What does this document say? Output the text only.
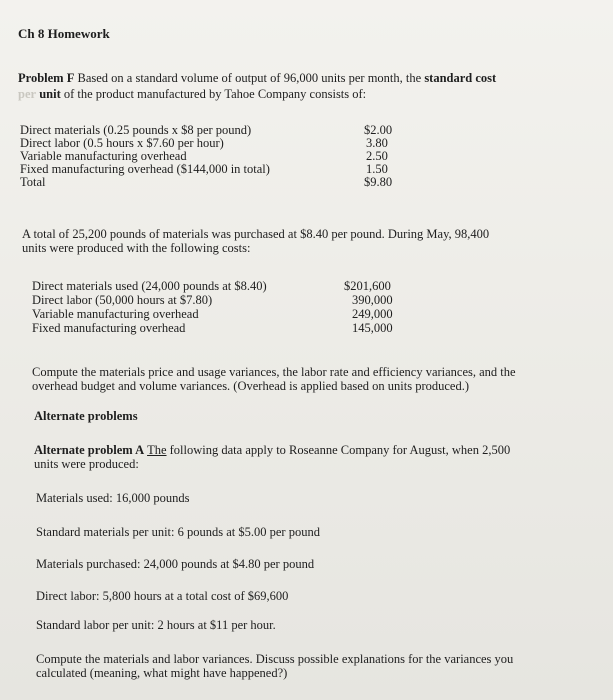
Ch 8 Homework
Problem F Based on a standard volume of output of 96,000 units per month, the standard cost
per unit of the product manufactured by Tahoe Company consists of:
Direct materials (0.25 pounds x $8 per pound)	$2.00
Direct labor (0.5 hours x $7.60 per hour)	3.80
Variable manufacturing overhead	2.50
Fixed manufacturing overhead ($144,000 in total)	1.50
Total	$9.80
A total of 25,200 pounds of materials was purchased at $8.40 per pound. During May, 98,400
units were produced with the following costs:
Direct materials used (24,000 pounds at $8.40)	$201,600
Direct labor (50,000 hours at $7.80)	390,000
Variable manufacturing overhead	249,000
Fixed manufacturing overhead	145,000
Compute the materials price and usage variances, the labor rate and efficiency variances, and the
overhead budget and volume variances. (Overhead is applied based on units produced.)
Alternate problems
Alternate problem A The following data apply to Roseanne Company for August, when 2,500
units were produced:
Materials used: 16,000 pounds
Standard materials per unit: 6 pounds at $5.00 per pound
Materials purchased: 24,000 pounds at $4.80 per pound
Direct labor: 5,800 hours at a total cost of $69,600
Standard labor per unit: 2 hours at $11 per hour.
Compute the materials and labor variances. Discuss possible explanations for the variances you
calculated (meaning, what might have happened?)
